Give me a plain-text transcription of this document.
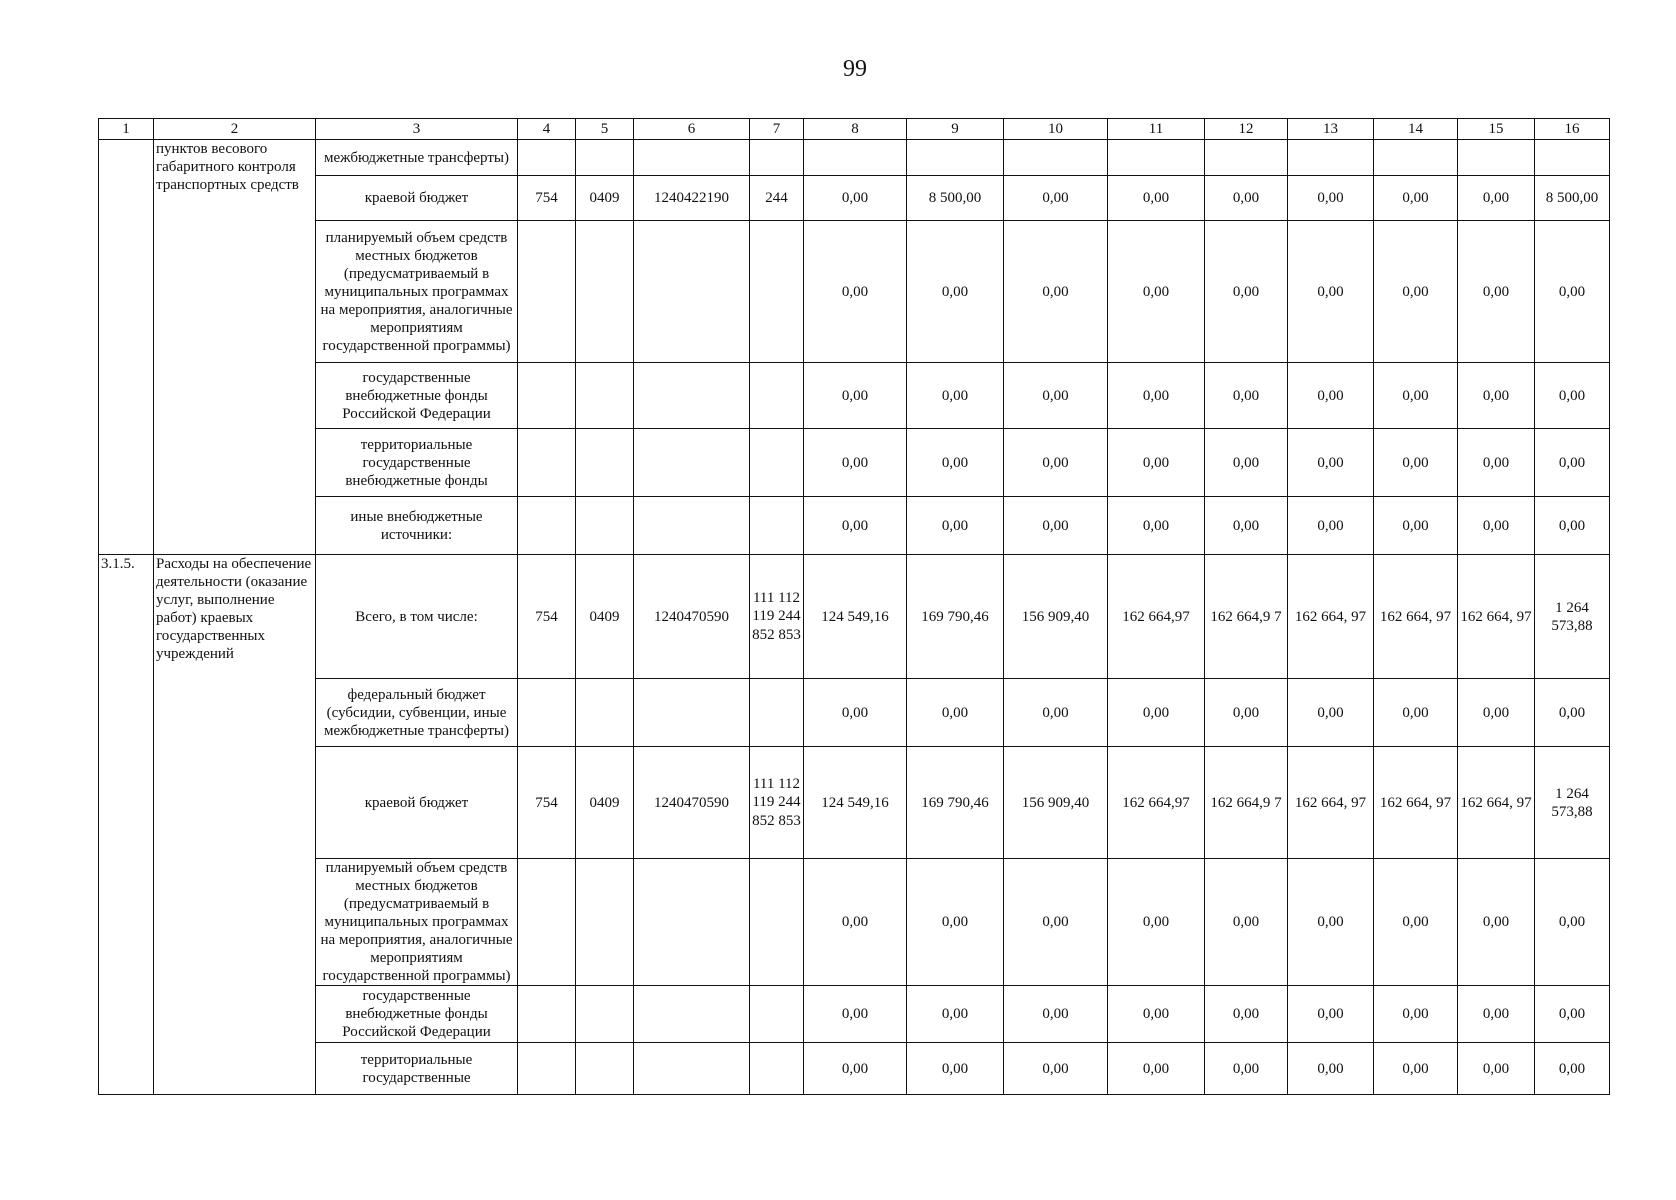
99
1	2	3	4	5	6	7	8	9	10	11	12	13	14	15	16
	пунктов весового габаритного контроля транспортных средств	межбюджетные трансферты)													
		краевой бюджет	754	0409	1240422190	244	0,00	8 500,00	0,00	0,00	0,00	0,00	0,00	0,00	8 500,00
		планируемый объем средств местных бюджетов (предусматриваемый в муниципальных программах на мероприятия, аналогичные мероприятиям государственной программы)					0,00	0,00	0,00	0,00	0,00	0,00	0,00	0,00	0,00
		государственные внебюджетные фонды Российской Федерации					0,00	0,00	0,00	0,00	0,00	0,00	0,00	0,00	0,00
		территориальные государственные внебюджетные фонды					0,00	0,00	0,00	0,00	0,00	0,00	0,00	0,00	0,00
		иные внебюджетные источники:					0,00	0,00	0,00	0,00	0,00	0,00	0,00	0,00	0,00
3.1.5.	Расходы на обеспечение деятельности (оказание услуг, выполнение работ) краевых государственных учреждений	Всего, в том числе:	754	0409	1240470590	111 112 119 244 852 853	124 549,16	169 790,46	156 909,40	162 664,97	162 664,9 7	162 664, 97	162 664, 97	162 664, 97	1 264 573,88
		федеральный бюджет (субсидии, субвенции, иные межбюджетные трансферты)					0,00	0,00	0,00	0,00	0,00	0,00	0,00	0,00	0,00
		краевой бюджет	754	0409	1240470590	111 112 119 244 852 853	124 549,16	169 790,46	156 909,40	162 664,97	162 664,9 7	162 664, 97	162 664, 97	162 664, 97	1 264 573,88
		планируемый объем средств местных бюджетов (предусматриваемый в муниципальных программах на мероприятия, аналогичные мероприятиям государственной программы)					0,00	0,00	0,00	0,00	0,00	0,00	0,00	0,00	0,00
		государственные внебюджетные фонды Российской Федерации					0,00	0,00	0,00	0,00	0,00	0,00	0,00	0,00	0,00
		территориальные государственные					0,00	0,00	0,00	0,00	0,00	0,00	0,00	0,00	0,00
